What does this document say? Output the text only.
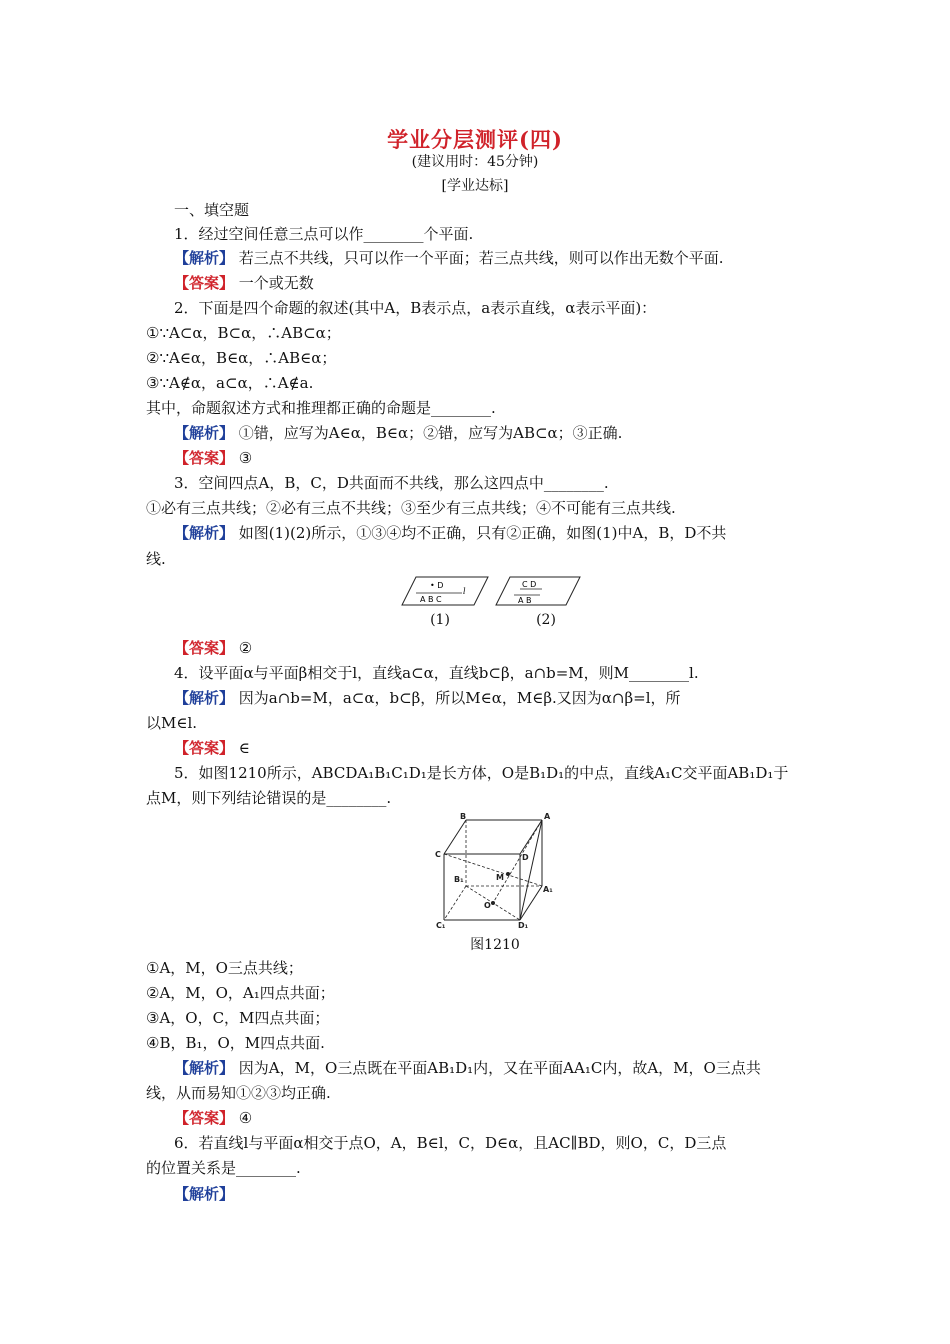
学业分层测评(四)
(建议用时：45分钟)
[学业达标]
一、填空题
1．经过空间任意三点可以作________个平面.
【解析】 若三点不共线，只可以作一个平面；若三点共线，则可以作出无数个平面.
【答案】 一个或无数
2．下面是四个命题的叙述(其中A，B表示点，a表示直线，α表示平面)：
①∵A⊂α，B⊂α，∴AB⊂α；
②∵A∈α，B∈α，∴AB∈α；
③∵A∉α，a⊂α，∴A∉a.
其中，命题叙述方式和推理都正确的命题是________.
【解析】 ①错，应写为A∈α，B∈α；②错，应写为AB⊂α；③正确.
【答案】 ③
3．空间四点A，B，C，D共面而不共线，那么这四点中________.
①必有三点共线；②必有三点不共线；③至少有三点共线；④不可能有三点共线.
【解析】 如图(1)(2)所示，①③④均不正确，只有②正确，如图(1)中A，B，D不共
线.
【答案】 ②
4．设平面α与平面β相交于l，直线a⊂α，直线b⊂β，a∩b=M，则M________l.
【解析】 因为a∩b=M，a⊂α，b⊂β，所以M∈α，M∈β.又因为α∩β=l，所
以M∈l.
【答案】 ∈
5．如图1210所示，ABCDA₁B₁C₁D₁是长方体，O是B₁D₁的中点，直线A₁C交平面AB₁D₁于
点M，则下列结论错误的是________.
①A，M，O三点共线；
②A，M，O，A₁四点共面；
③A，O，C，M四点共面；
④B，B₁，O，M四点共面.
【解析】 因为A，M，O三点既在平面AB₁D₁内，又在平面AA₁C内，故A，M，O三点共
线，从而易知①②③均正确.
【答案】 ④
6．若直线l与平面α相交于点O，A，B∈l，C，D∈α，且AC∥BD，则O，C，D三点
的位置关系是________.
【解析】
• D
A B C
l
C D
A B
(1)	(2)
B	A
C	D
B₁	M
A₁
O
C₁	D₁
图1210
